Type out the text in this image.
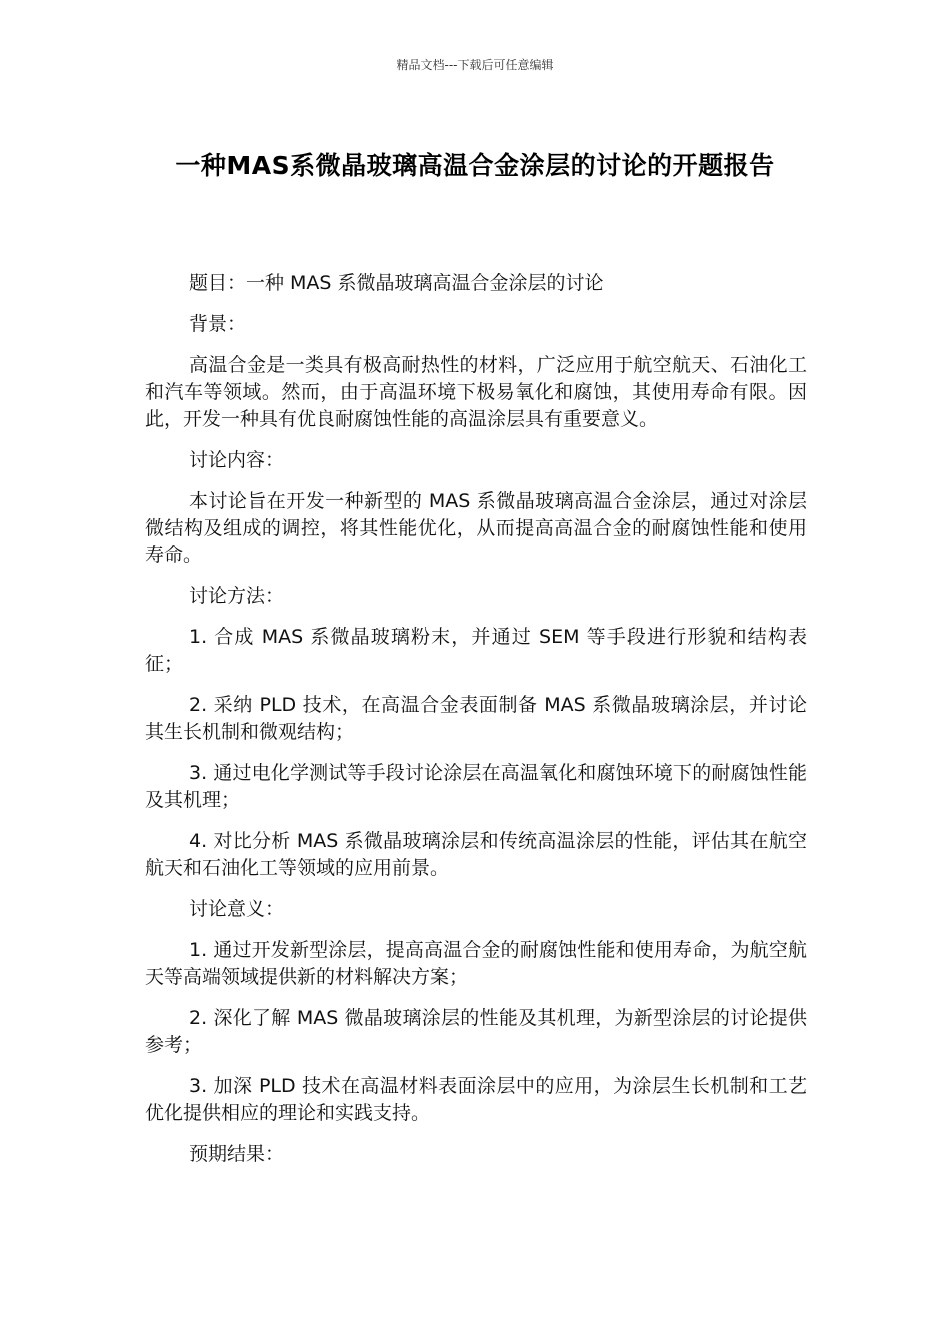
精品文档---下载后可任意编辑
一种MAS系微晶玻璃高温合金涂层的讨论的开题报告

题目：一种 MAS 系微晶玻璃高温合金涂层的讨论

背景：

高温合金是一类具有极高耐热性的材料，广泛应用于航空航天、石油化工和汽车等领域。然而，由于高温环境下极易氧化和腐蚀，其使用寿命有限。因此，开发一种具有优良耐腐蚀性能的高温涂层具有重要意义。

讨论内容：

本讨论旨在开发一种新型的 MAS 系微晶玻璃高温合金涂层，通过对涂层微结构及组成的调控，将其性能优化，从而提高高温合金的耐腐蚀性能和使用寿命。

讨论方法：

1. 合成 MAS 系微晶玻璃粉末，并通过 SEM 等手段进行形貌和结构表征；

2. 采纳 PLD 技术，在高温合金表面制备 MAS 系微晶玻璃涂层，并讨论其生长机制和微观结构；

3. 通过电化学测试等手段讨论涂层在高温氧化和腐蚀环境下的耐腐蚀性能及其机理；

4. 对比分析 MAS 系微晶玻璃涂层和传统高温涂层的性能，评估其在航空航天和石油化工等领域的应用前景。

讨论意义：

1. 通过开发新型涂层，提高高温合金的耐腐蚀性能和使用寿命，为航空航天等高端领域提供新的材料解决方案；

2. 深化了解 MAS 微晶玻璃涂层的性能及其机理，为新型涂层的讨论提供参考；

3. 加深 PLD 技术在高温材料表面涂层中的应用，为涂层生长机制和工艺优化提供相应的理论和实践支持。

预期结果：
